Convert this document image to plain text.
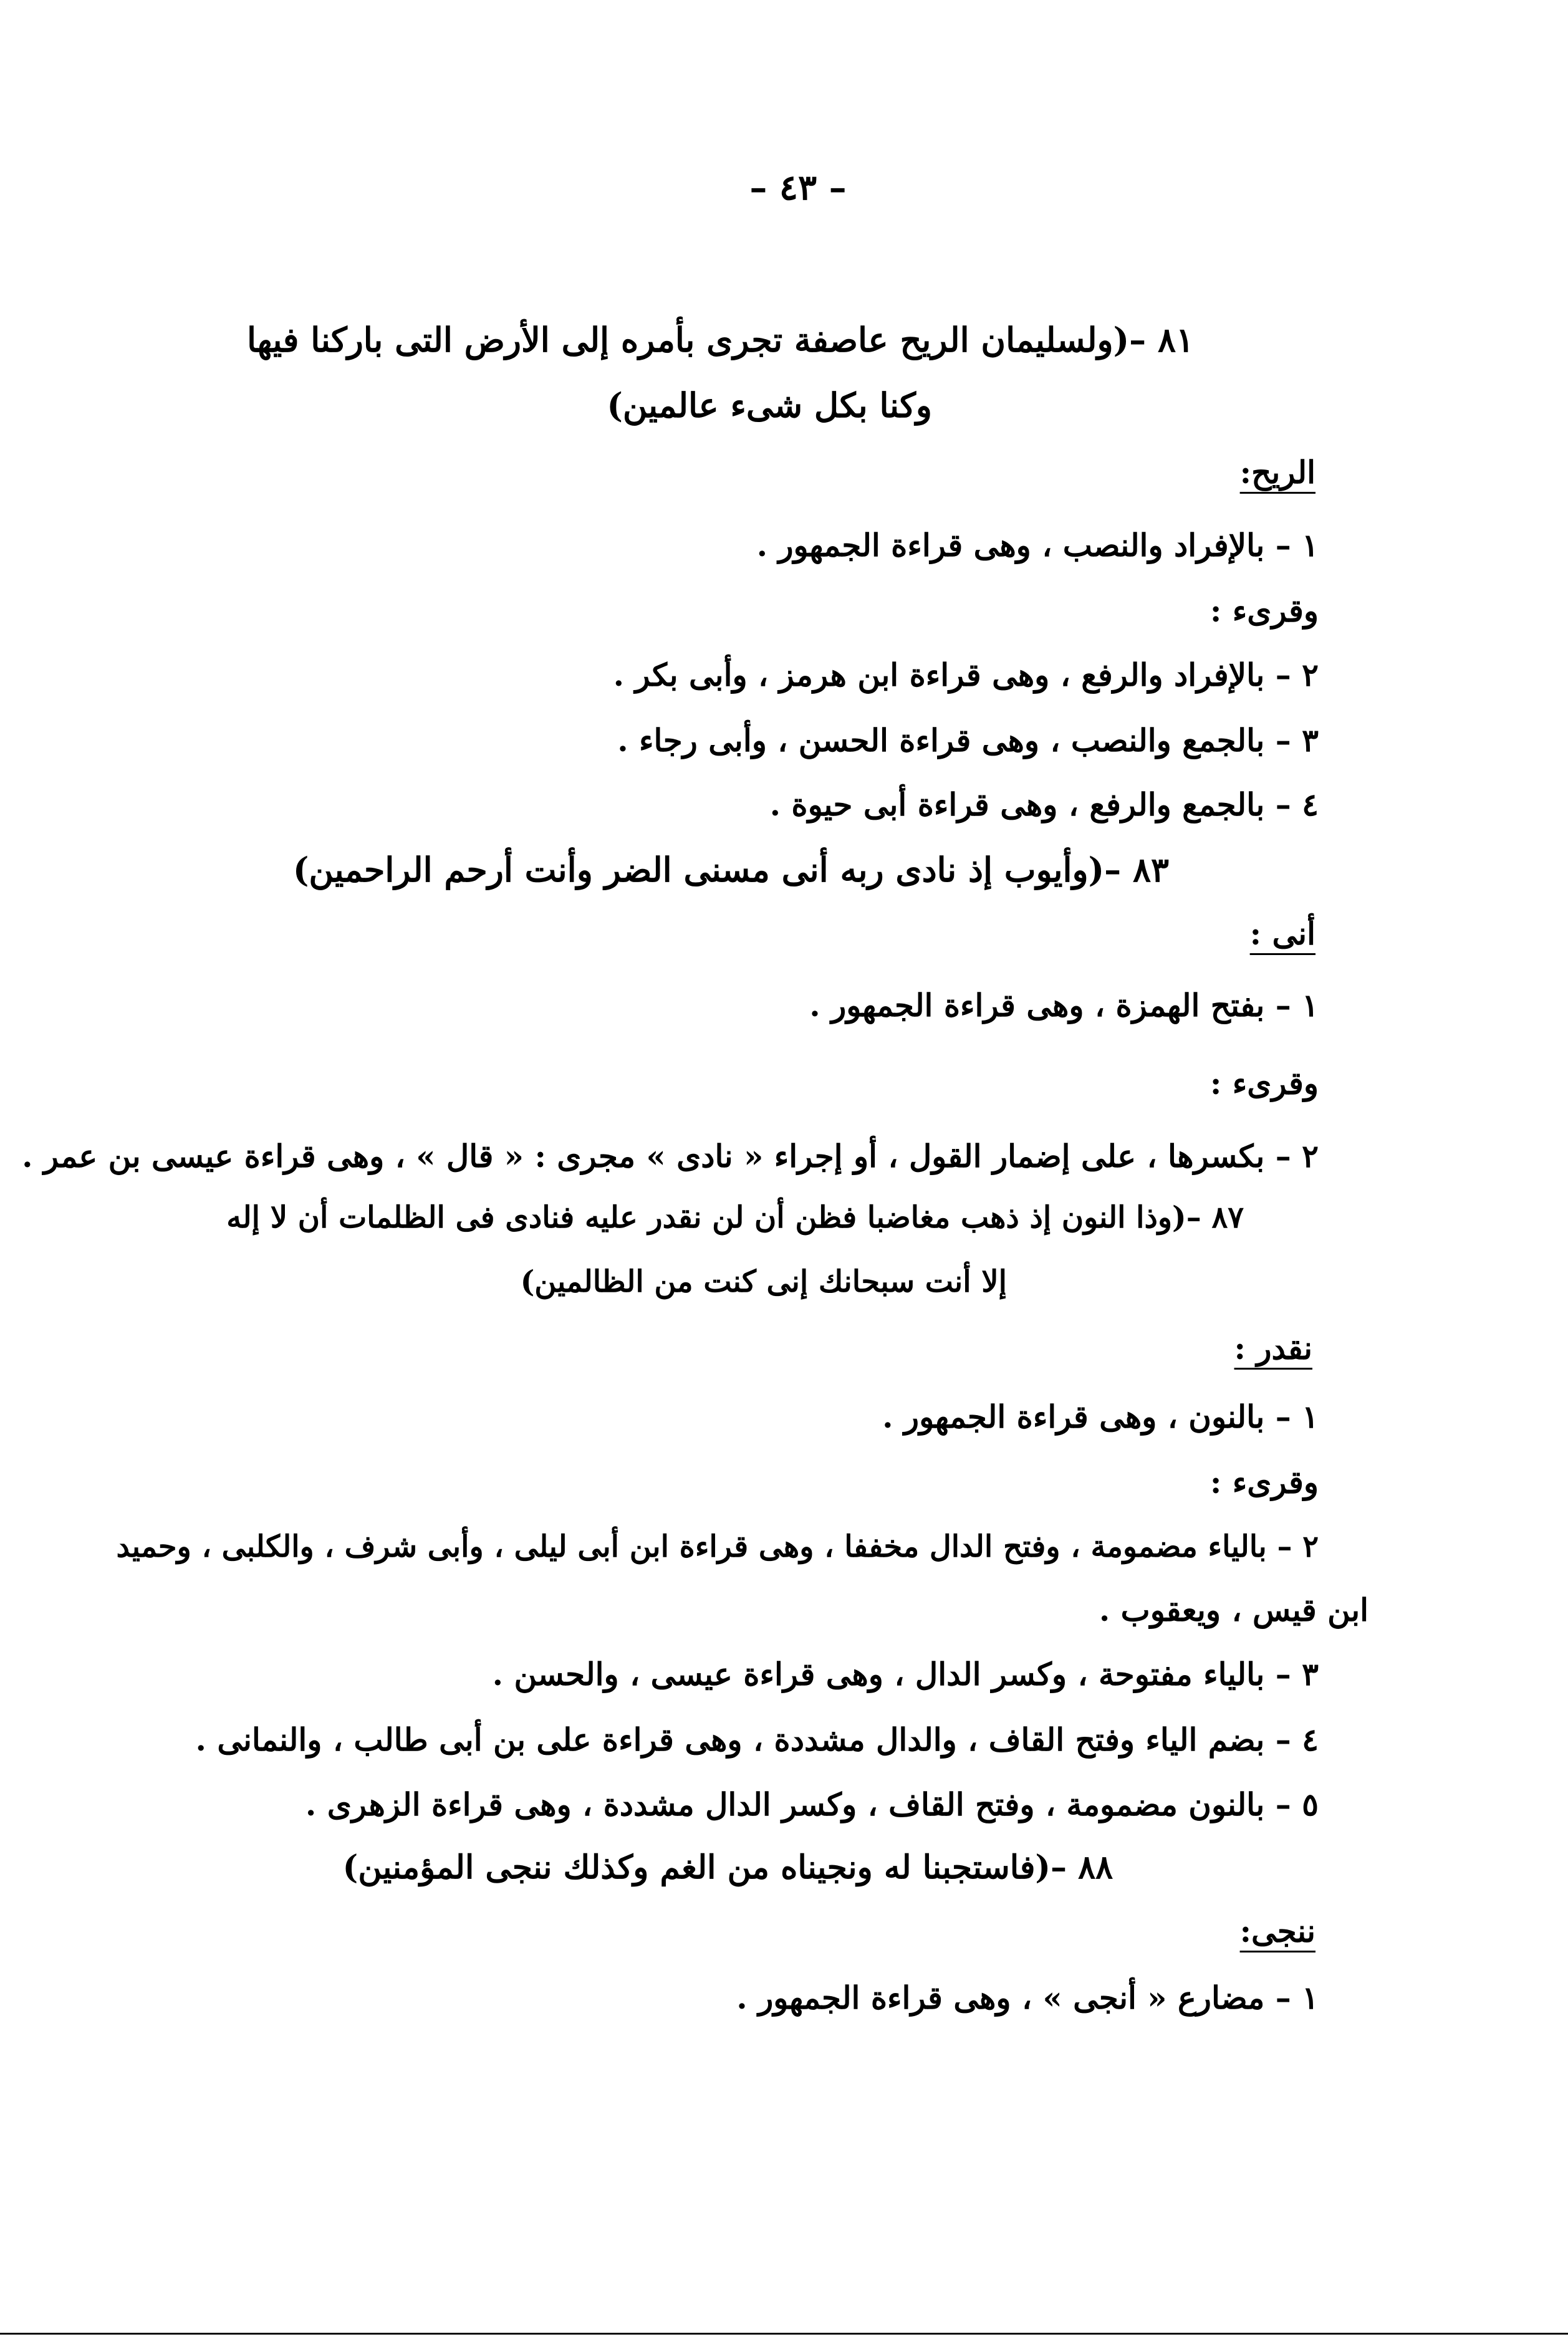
– ٤٣ –
٨١ –(ولسليمان الريح عاصفة تجرى بأمره إلى الأرض التى باركنا فيها
وكنا بكل شىء عالمين)
الريح:
١ – بالإفراد والنصب ، وهى قراءة الجمهور .
وقرىء :
٢ – بالإفراد والرفع ، وهى قراءة ابن هرمز ، وأبى بكر .
٣ – بالجمع والنصب ، وهى قراءة الحسن ، وأبى رجاء .
٤ – بالجمع والرفع ، وهى قراءة أبى حيوة .
٨٣ –(وأيوب إذ نادى ربه أنى مسنى الضر وأنت أرحم الراحمين)
أنى :
١ – بفتح الهمزة ، وهى قراءة الجمهور .
وقرىء :
٢ – بكسرها ، على إضمار القول ، أو إجراء « نادى » مجرى : « قال » ، وهى قراءة عيسى بن عمر .
٨٧ –(وذا النون إذ ذهب مغاضبا فظن أن لن نقدر عليه فنادى فى الظلمات أن لا إله
إلا أنت سبحانك إنى كنت من الظالمين)
نقدر :
١ – بالنون ، وهى قراءة الجمهور .
وقرىء :
٢ – بالياء مضمومة ، وفتح الدال مخففا ، وهى قراءة ابن أبى ليلى ، وأبى شرف ، والكلبى ، وحميد
ابن قيس ، ويعقوب .
٣ – بالياء مفتوحة ، وكسر الدال ، وهى قراءة عيسى ، والحسن .
٤ – بضم الياء وفتح القاف ، والدال مشددة ، وهى قراءة على بن أبى طالب ، والنمانى .
٥ – بالنون مضمومة ، وفتح القاف ، وكسر الدال مشددة ، وهى قراءة الزهرى .
٨٨ –(فاستجبنا له ونجيناه من الغم وكذلك ننجى المؤمنين)
ننجى:
١ – مضارع « أنجى » ، وهى قراءة الجمهور .
